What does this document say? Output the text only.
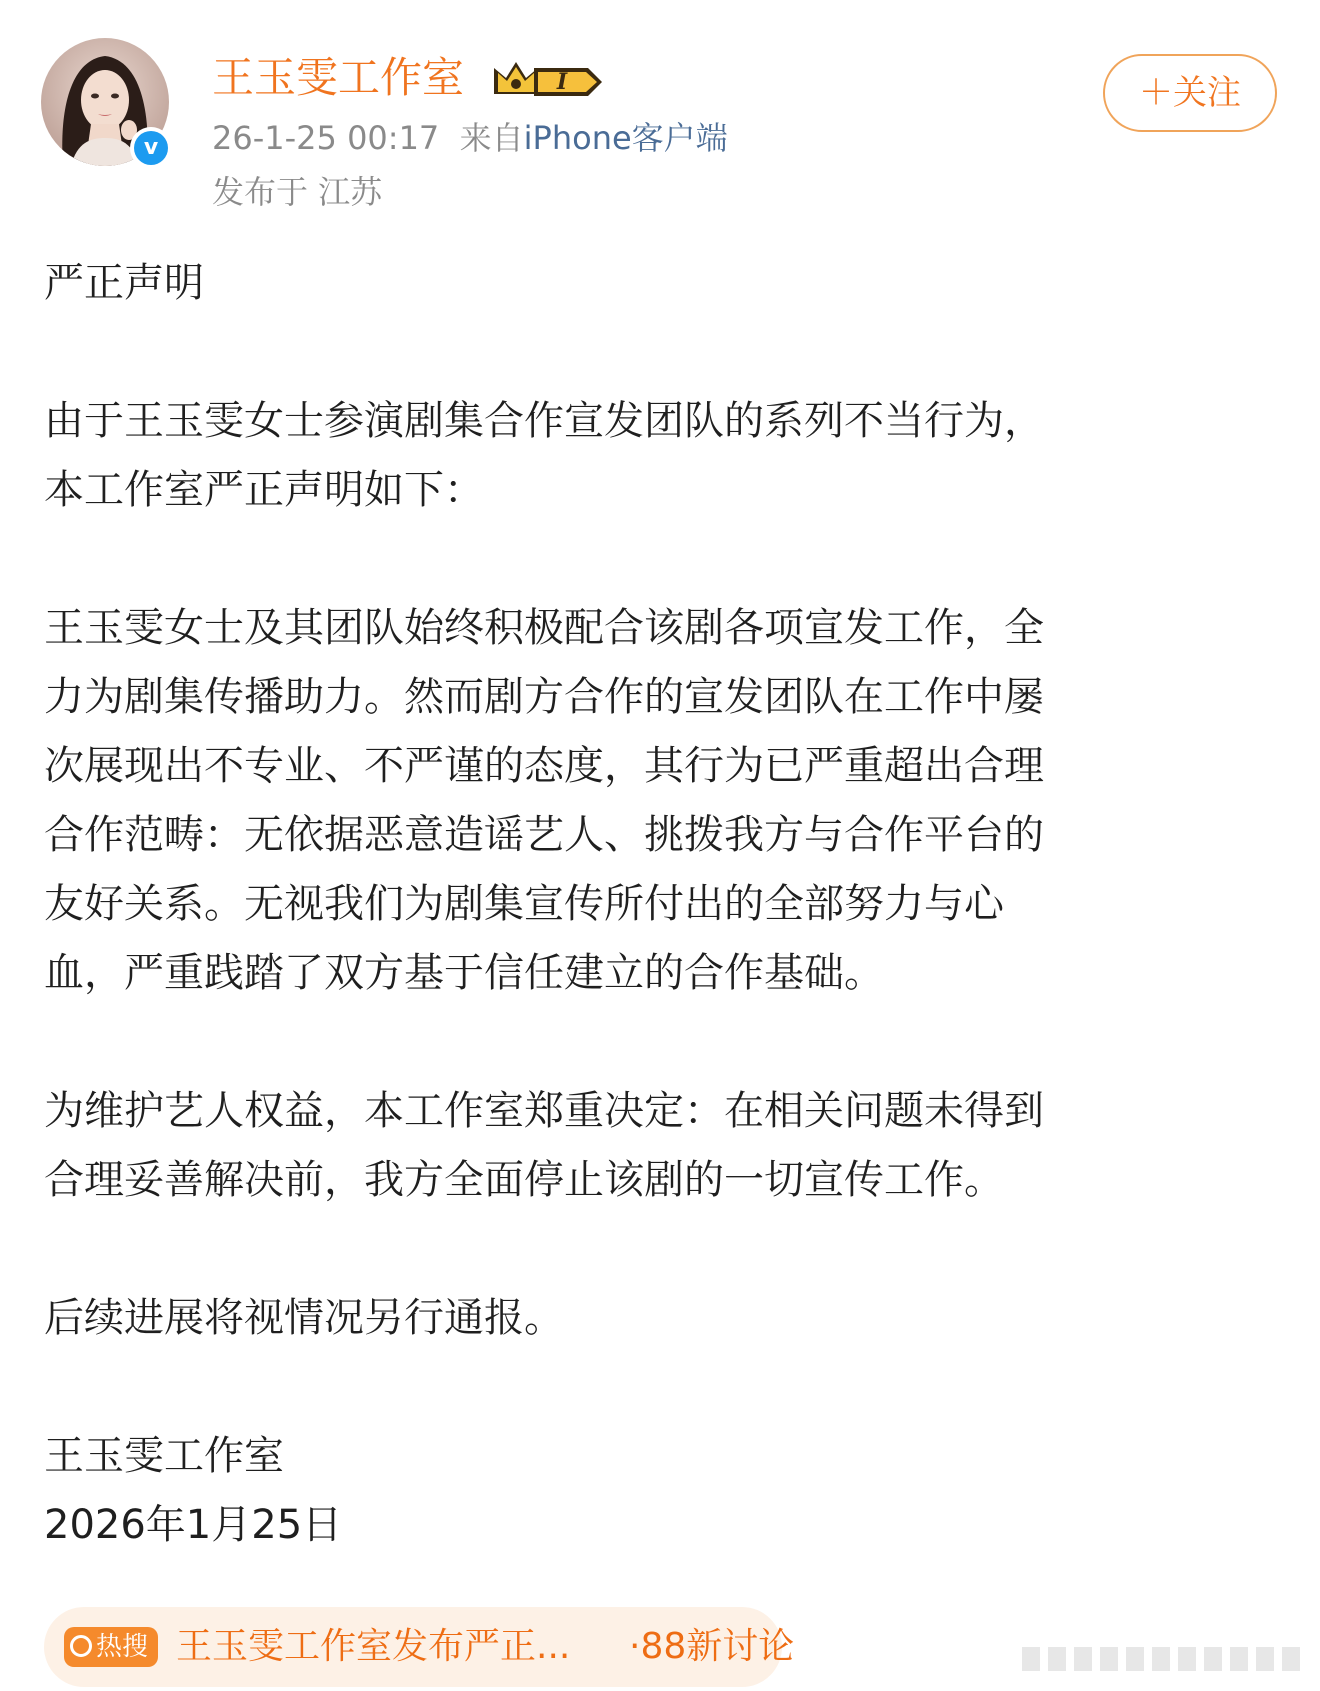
v
王玉雯工作室	I
26-1-25 00:17 来自iPhone客户端
发布于 江苏
＋关注

严正声明

由于王玉雯女士参演剧集合作宣发团队的系列不当行为，
本工作室严正声明如下：

王玉雯女士及其团队始终积极配合该剧各项宣发工作，全
力为剧集传播助力。然而剧方合作的宣发团队在工作中屡
次展现出不专业、不严谨的态度，其行为已严重超出合理
合作范畴：无依据恶意造谣艺人、挑拨我方与合作平台的
友好关系。无视我们为剧集宣传所付出的全部努力与心
血，严重践踏了双方基于信任建立的合作基础。

为维护艺人权益，本工作室郑重决定：在相关问题未得到
合理妥善解决前，我方全面停止该剧的一切宣传工作。

后续进展将视情况另行通报。

王玉雯工作室

2026年1月25日

热搜 王玉雯工作室发布严正... ·88新讨论
